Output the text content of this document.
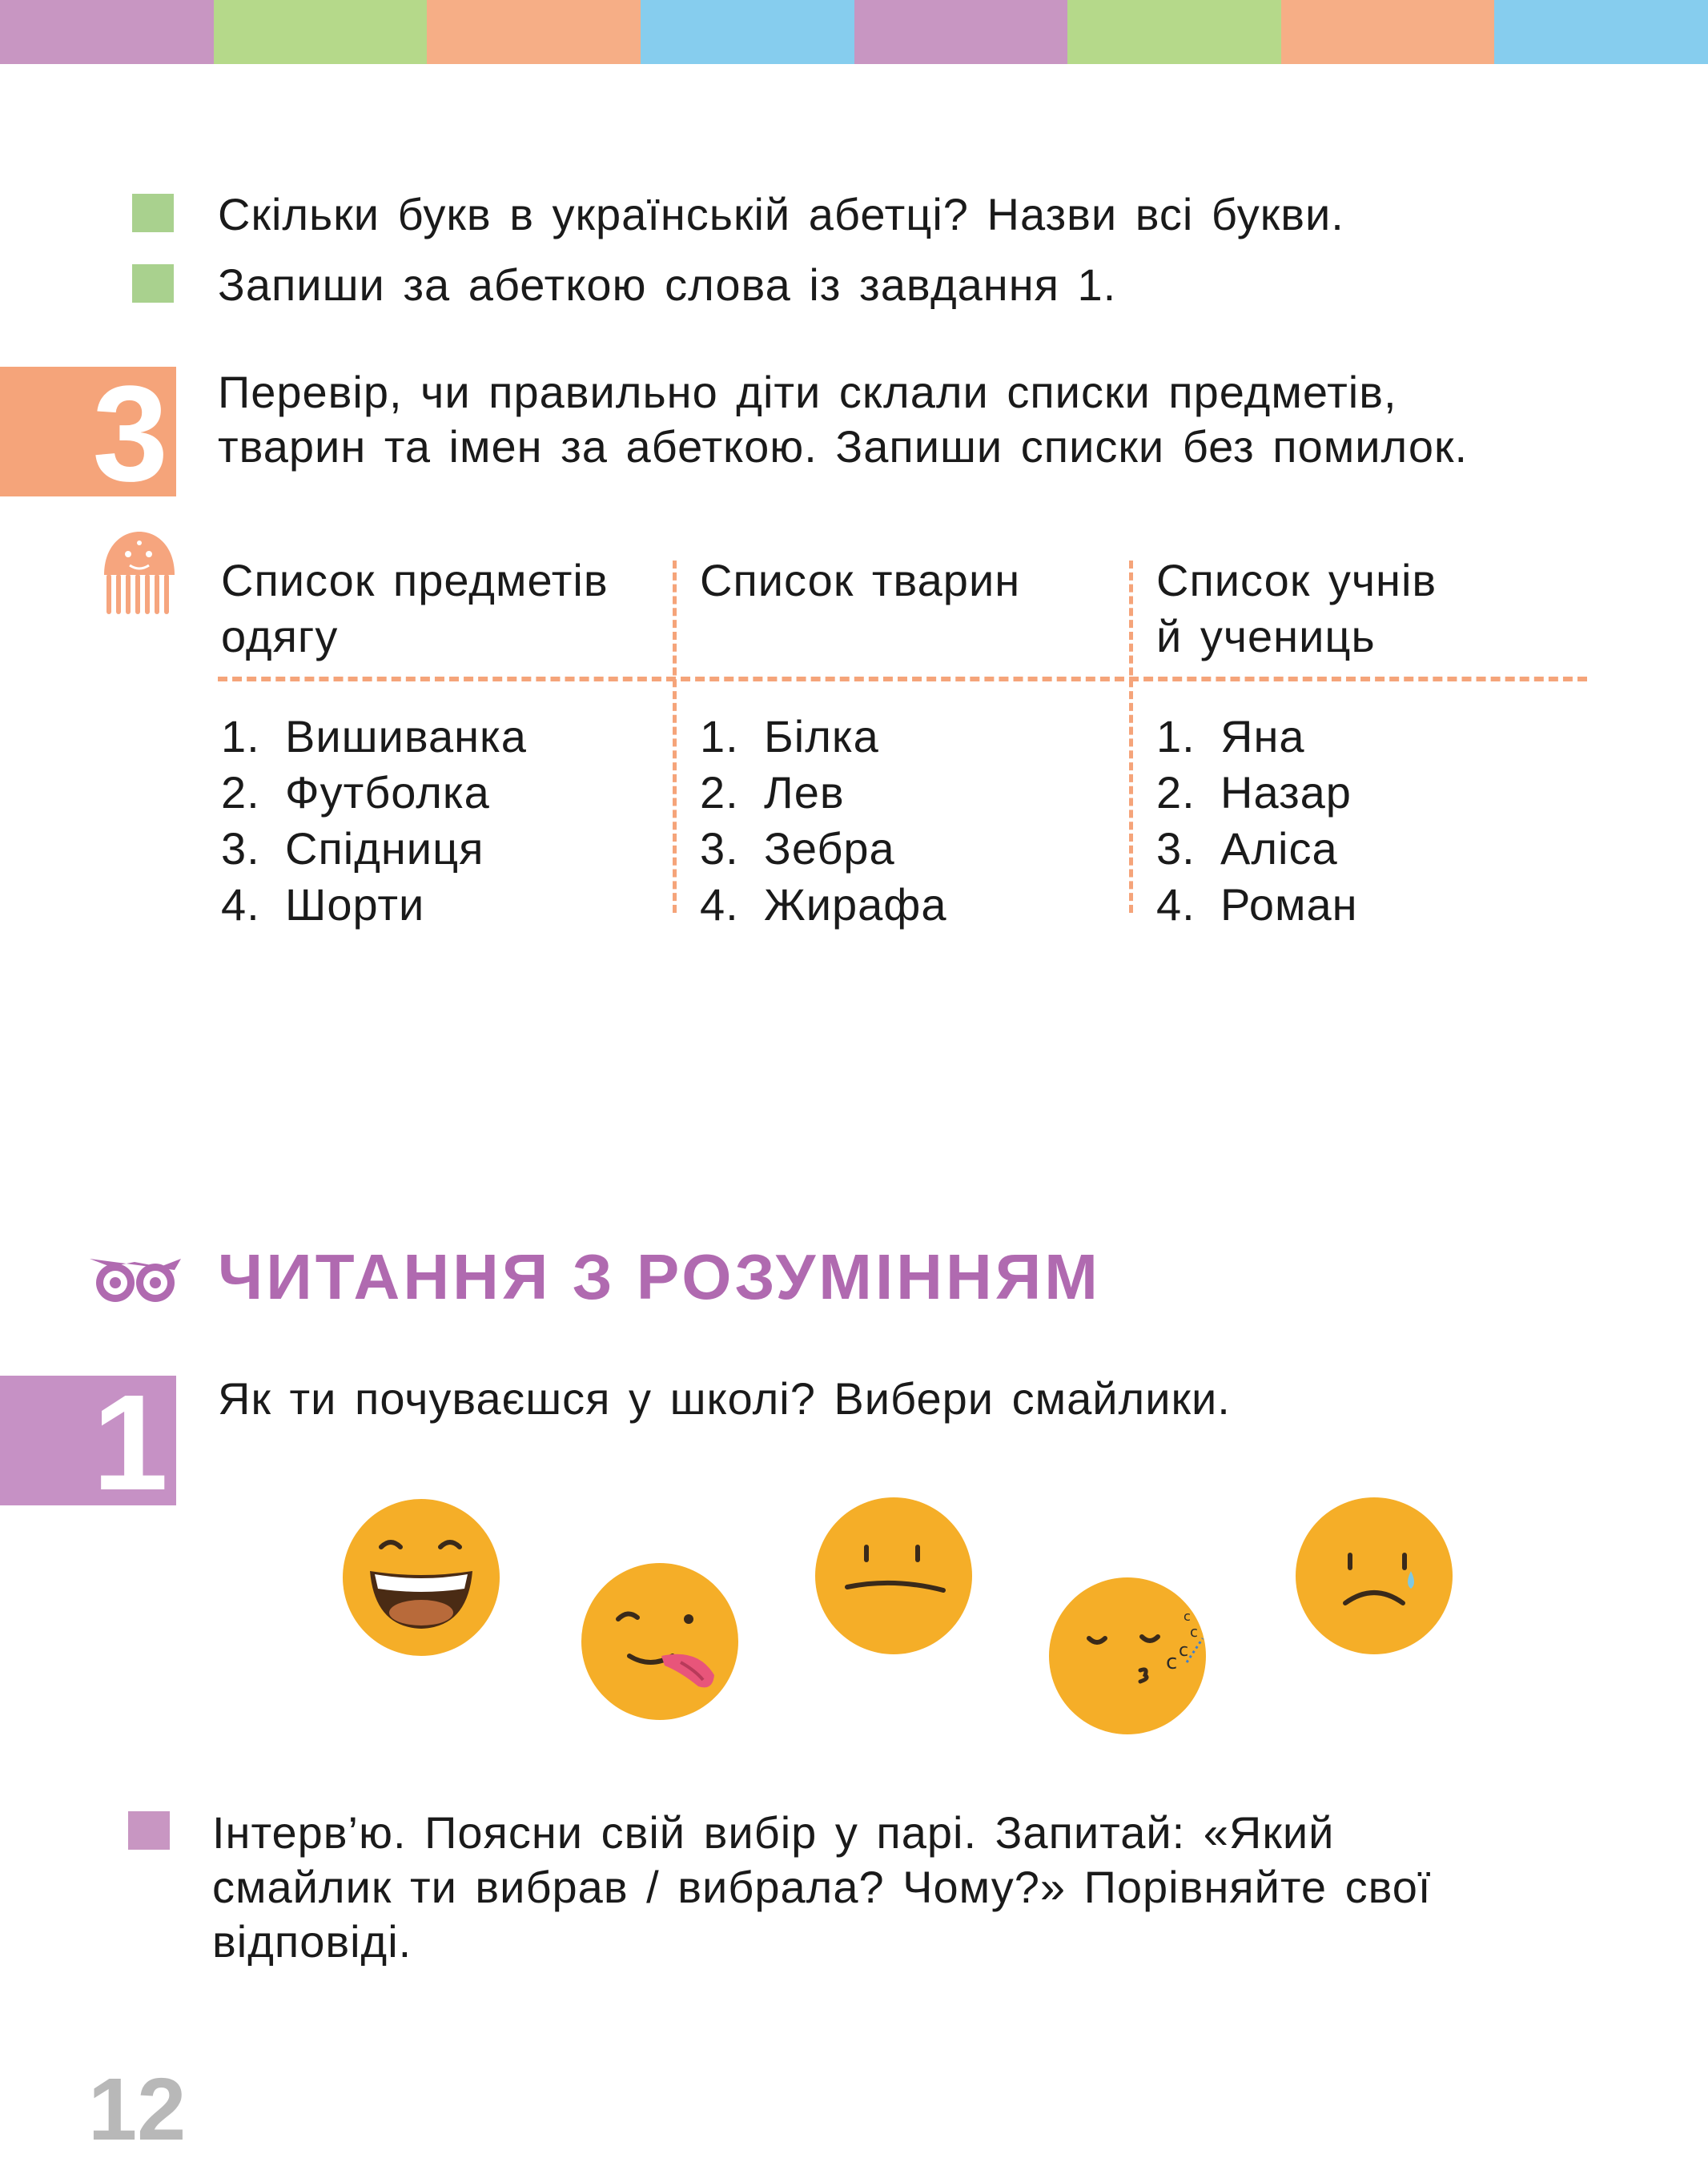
Скільки букв в українській абетці? Назви всі букви.
Запиши за абеткою слова із завдання 1.
3 Перевір, чи правильно діти склали списки предметів,
тварин та імен за абеткою. Запиши списки без помилок.
Список предметів
одягу
Список тварин	Список учнів
й учениць
1. Вишиванка
2. Футболка
3. Спідниця
4. Шорти
1. Білка
2. Лев
3. Зебра
4. Жирафа
1. Яна
2. Назар
3. Аліса
4. Роман
ЧИТАННЯ З РОЗУМІННЯМ
1 Як ти почуваєшся у школі? Вибери смайлики.
c c
c
c
Інтерв’ю. Поясни свій вибір у парі. Запитай: «Який
смайлик ти вибрав / вибрала? Чому?» Порівняйте свої
відповіді.
12
